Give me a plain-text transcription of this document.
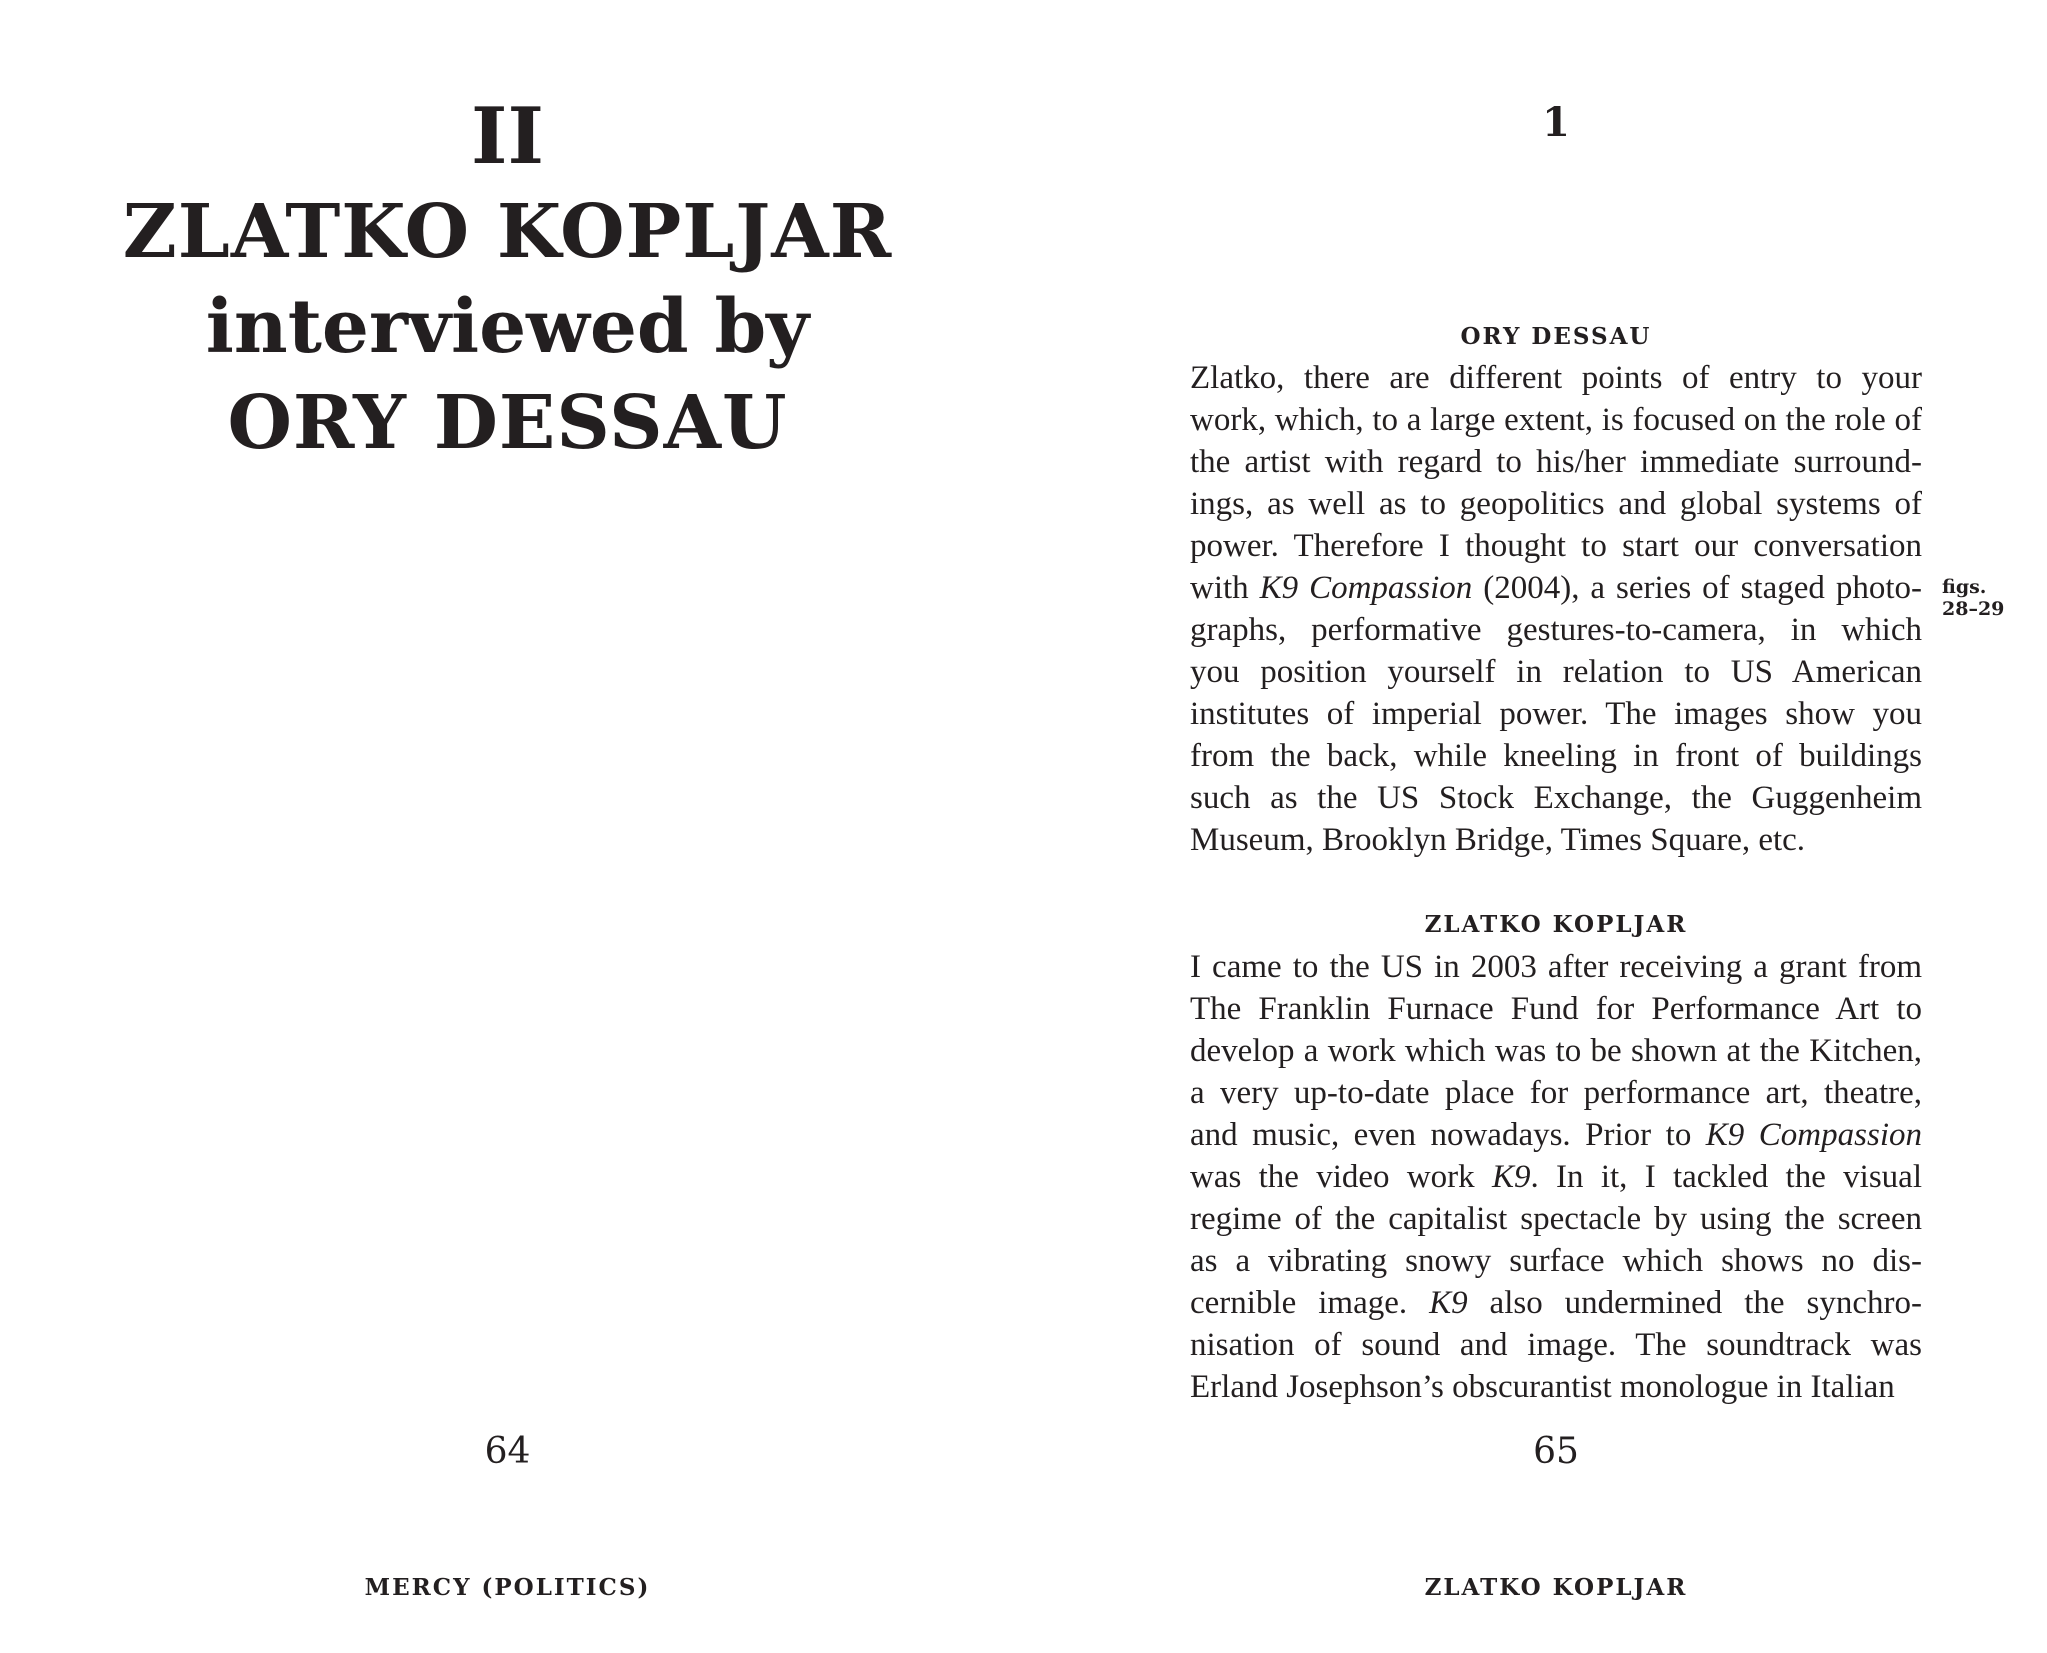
II
ZLATKO KOPLJAR
interviewed by
ORY DESSAU
64
MERCY (POLITICS)
1
ORY DESSAU

Zlatko, there are different points of entry to your
work, which, to a large extent, is focused on the role of
the artist with regard to his/her immediate surround-
ings, as well as to geopolitics and global systems of
power. Therefore I thought to start our conversation
with K9 Compassion (2004), a series of staged photo-
graphs, performative gestures-to-camera, in which
you position yourself in relation to US American
institutes of imperial power. The images show you
from the back, while kneeling in front of buildings
such as the US Stock Exchange, the Guggenheim
Museum, Brooklyn Bridge, Times Square, etc.

figs.
28–29
ZLATKO KOPLJAR

I came to the US in 2003 after receiving a grant from
The Franklin Furnace Fund for Performance Art to
develop a work which was to be shown at the Kitchen,
a very up-to-date place for performance art, theatre,
and music, even nowadays. Prior to K9 Compassion
was the video work K9. In it, I tackled the visual
regime of the capitalist spectacle by using the screen
as a vibrating snowy surface which shows no dis-
cernible image. K9 also undermined the synchro-
nisation of sound and image. The soundtrack was
Erland Josephson’s obscurantist monologue in Italian

65
ZLATKO KOPLJAR
